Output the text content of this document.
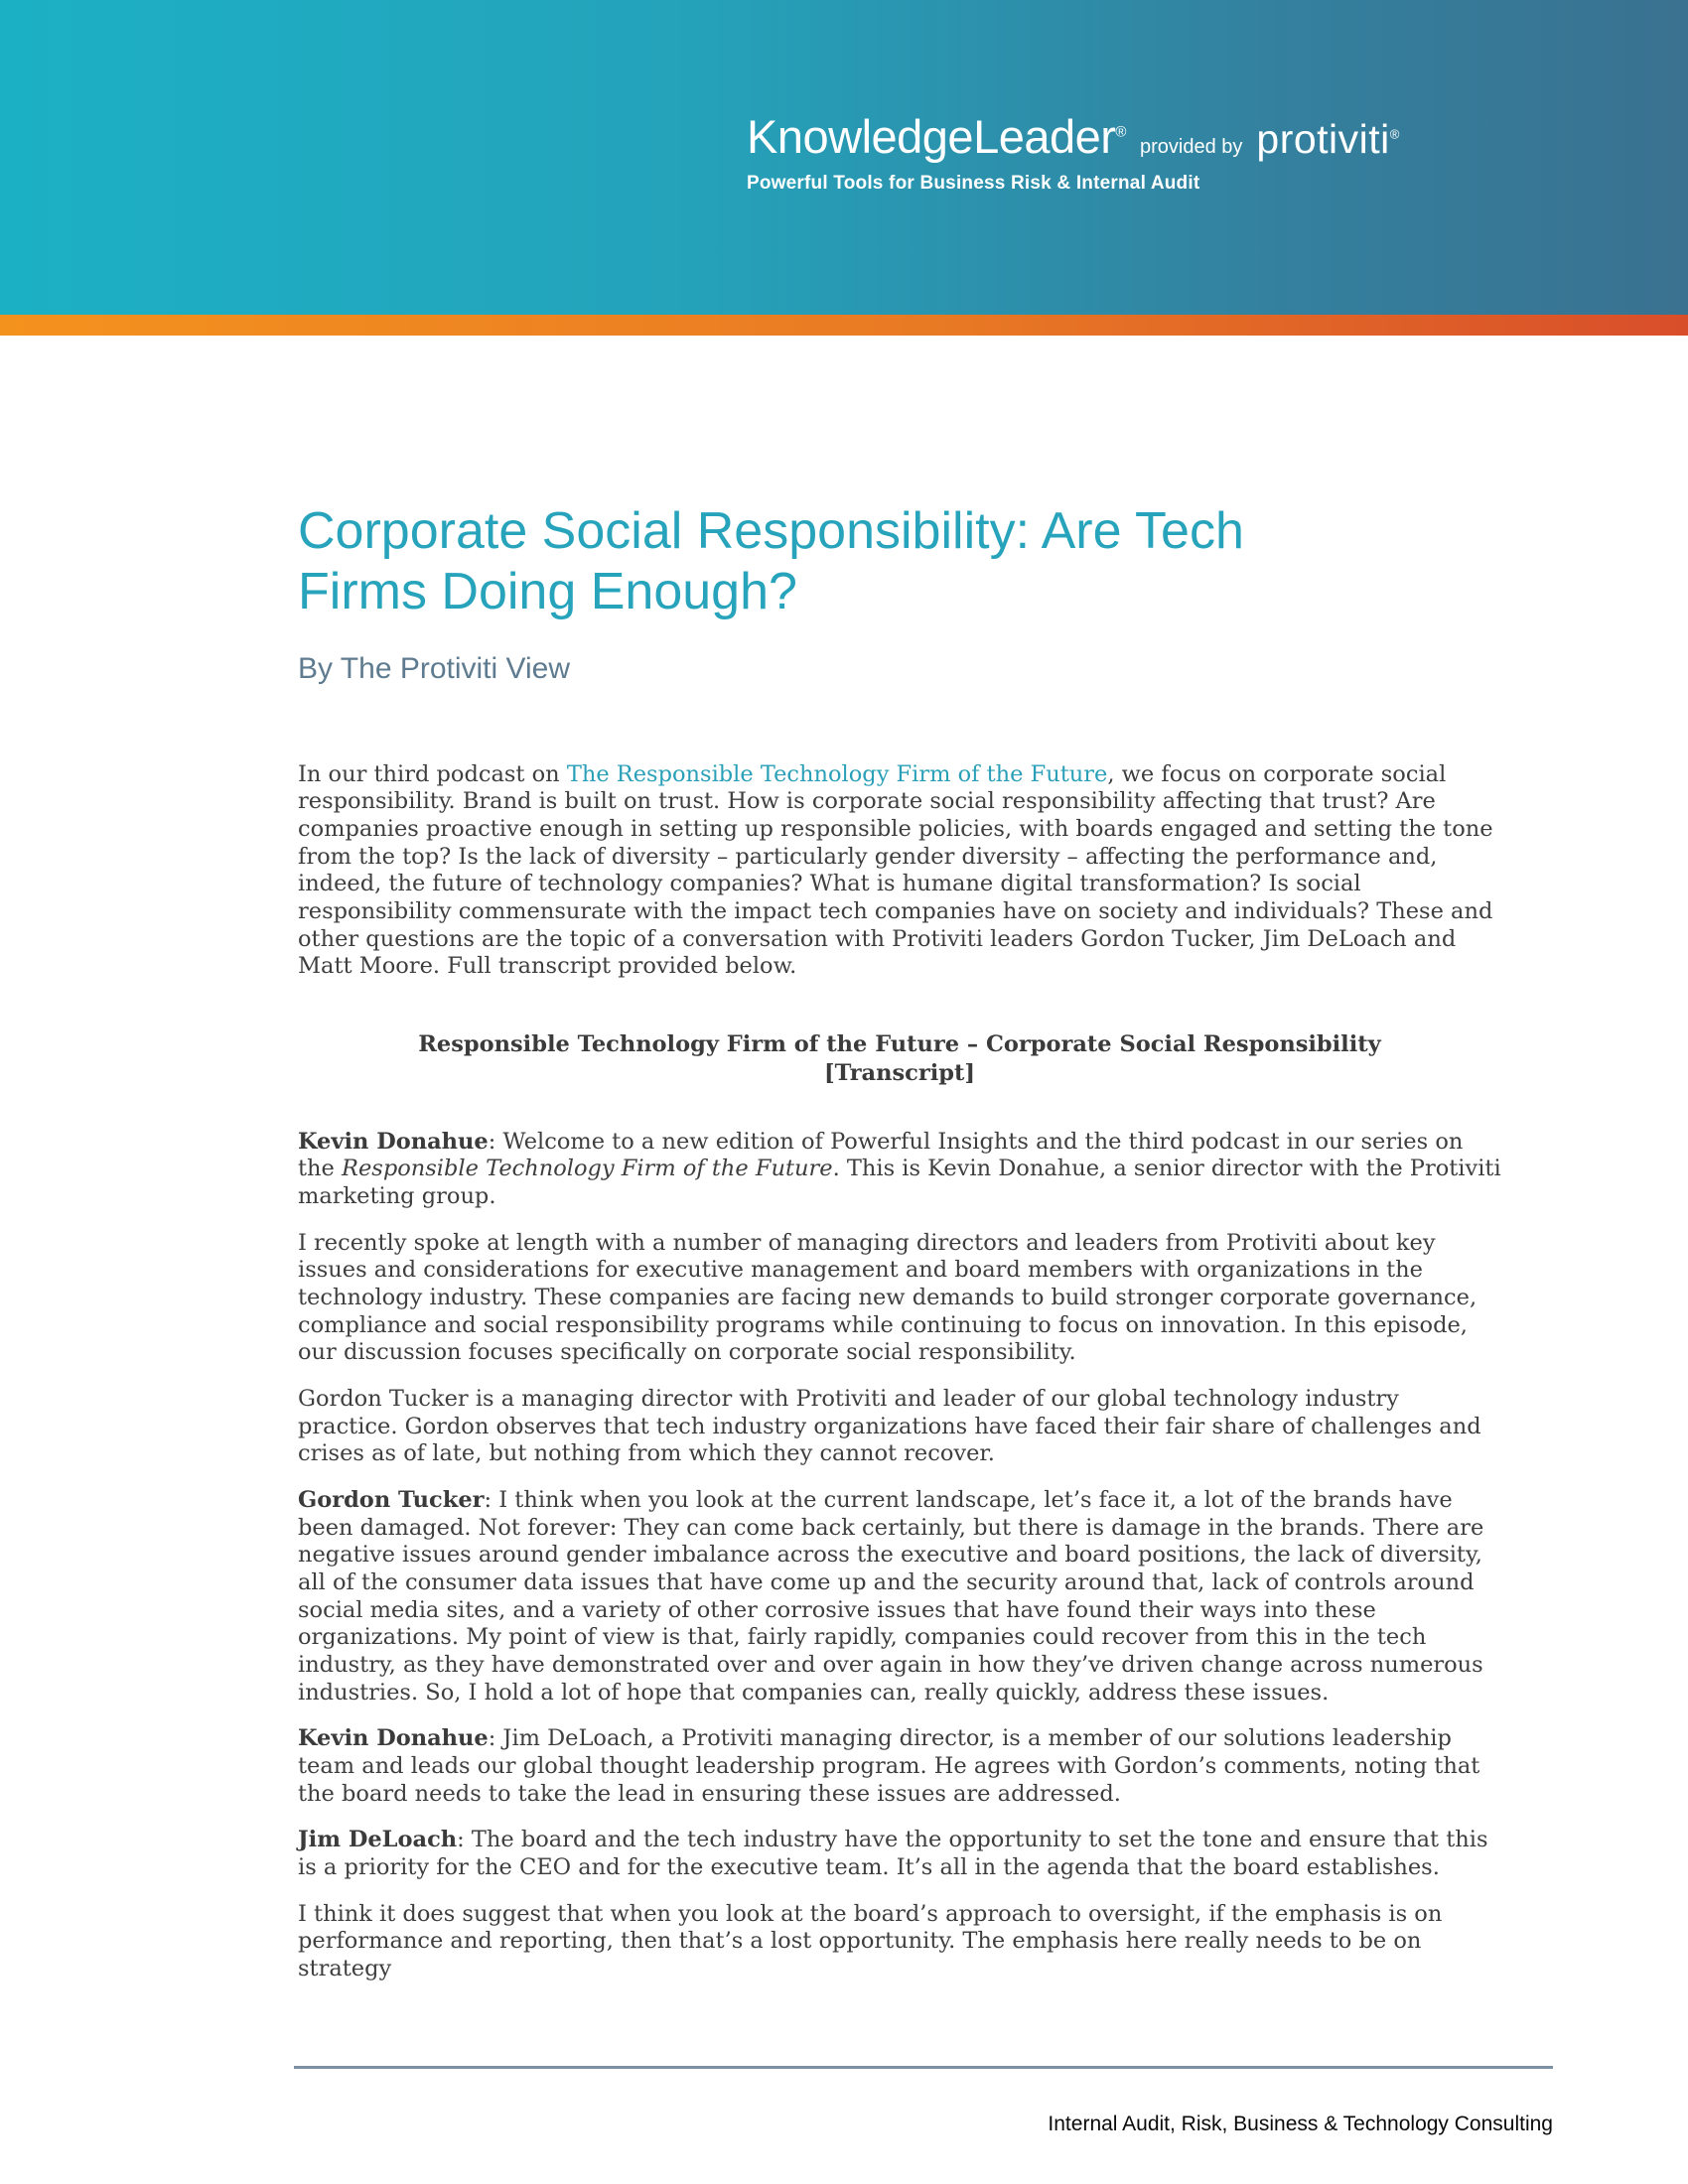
KnowledgeLeader®
provided by protiviti®
Powerful Tools for Business Risk & Internal Audit
Corporate Social Responsibility: Are Tech
Firms Doing Enough?
By The Protiviti View

In our third podcast on The Responsible Technology Firm of the Future, we focus on corporate social responsibility. Brand is built on trust. How is corporate social responsibility affecting that trust? Are companies proactive enough in setting up responsible policies, with boards engaged and setting the tone from the top? Is the lack of diversity – particularly gender diversity – affecting the performance and, indeed, the future of technology companies? What is humane digital transformation? Is social responsibility commensurate with the impact tech companies have on society and individuals? These and other questions are the topic of a conversation with Protiviti leaders Gordon Tucker, Jim DeLoach and Matt Moore. Full transcript provided below.

Responsible Technology Firm of the Future – Corporate Social Responsibility
[Transcript]

Kevin Donahue: Welcome to a new edition of Powerful Insights and the third podcast in our series on the Responsible Technology Firm of the Future. This is Kevin Donahue, a senior director with the Protiviti marketing group.

I recently spoke at length with a number of managing directors and leaders from Protiviti about key issues and considerations for executive management and board members with organizations in the technology industry. These companies are facing new demands to build stronger corporate governance, compliance and social responsibility programs while continuing to focus on innovation. In this episode, our discussion focuses specifically on corporate social responsibility.

Gordon Tucker is a managing director with Protiviti and leader of our global technology industry practice. Gordon observes that tech industry organizations have faced their fair share of challenges and crises as of late, but nothing from which they cannot recover.

Gordon Tucker: I think when you look at the current landscape, let’s face it, a lot of the brands have been damaged. Not forever: They can come back certainly, but there is damage in the brands. There are negative issues around gender imbalance across the executive and board positions, the lack of diversity, all of the consumer data issues that have come up and the security around that, lack of controls around social media sites, and a variety of other corrosive issues that have found their ways into these organizations. My point of view is that, fairly rapidly, companies could recover from this in the tech industry, as they have demonstrated over and over again in how they’ve driven change across numerous industries. So, I hold a lot of hope that companies can, really quickly, address these issues.

Kevin Donahue: Jim DeLoach, a Protiviti managing director, is a member of our solutions leadership team and leads our global thought leadership program. He agrees with Gordon’s comments, noting that the board needs to take the lead in ensuring these issues are addressed.

Jim DeLoach: The board and the tech industry have the opportunity to set the tone and ensure that this is a priority for the CEO and for the executive team. It’s all in the agenda that the board establishes.

I think it does suggest that when you look at the board’s approach to oversight, if the emphasis is on performance and reporting, then that’s a lost opportunity. The emphasis here really needs to be on strategy

Internal Audit, Risk, Business & Technology Consulting
